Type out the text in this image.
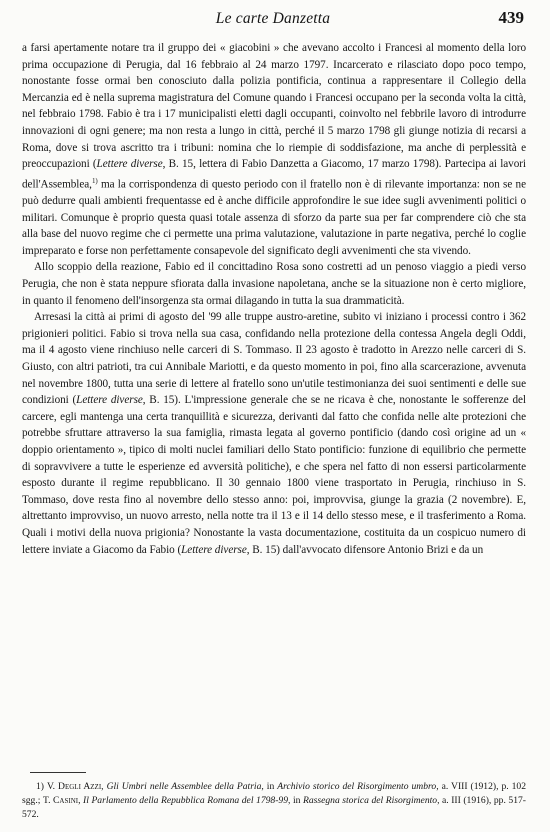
Le carte Danzetta	439

a farsi apertamente notare tra il gruppo dei « giacobini » che avevano accolto i Francesi al momento della loro prima occupazione di Perugia, dal 16 febbraio al 24 marzo 1797. Incarcerato e rilasciato dopo poco tempo, nonostante fosse ormai ben conosciuto dalla polizia pontificia, continua a rappresentare il Collegio della Mercanzia ed è nella suprema magistratura del Comune quando i Francesi occupano per la seconda volta la città, nel febbraio 1798. Fabio è tra i 17 municipalisti eletti dagli occupanti, coinvolto nel febbrile lavoro di introdurre innovazioni di ogni genere; ma non resta a lungo in città, perché il 5 marzo 1798 gli giunge notizia di recarsi a Roma, dove si trova ascritto tra i tribuni: nomina che lo riempie di soddisfazione, ma anche di perplessità e preoccupazioni (Lettere diverse, B. 15, lettera di Fabio Danzetta a Giacomo, 17 marzo 1798). Partecipa ai lavori dell'Assemblea,$^{1)}$ ma la corrispondenza di questo periodo con il fratello non è di rilevante importanza: non se ne può dedurre quali ambienti frequentasse ed è anche difficile approfondire le sue idee sugli avvenimenti politici o militari. Comunque è proprio questa quasi totale assenza di sforzo da parte sua per far comprendere ciò che sta alla base del nuovo regime che ci permette una prima valutazione, valutazione in parte negativa, perché lo coglie impreparato e forse non perfettamente consapevole del significato degli avvenimenti che sta vivendo.

Allo scoppio della reazione, Fabio ed il concittadino Rosa sono costretti ad un penoso viaggio a piedi verso Perugia, che non è stata neppure sfiorata dalla invasione napoletana, anche se la situazione non è certo migliore, in quanto il fenomeno dell'insorgenza sta ormai dilagando in tutta la sua drammaticità.

Arresasi la città ai primi di agosto del '99 alle truppe austro-aretine, subito vi iniziano i processi contro i 362 prigionieri politici. Fabio si trova nella sua casa, confidando nella protezione della contessa Angela degli Oddi, ma il 4 agosto viene rinchiuso nelle carceri di S. Tommaso. Il 23 agosto è tradotto in Arezzo nelle carceri di S. Giusto, con altri patrioti, tra cui Annibale Mariotti, e da questo momento in poi, fino alla scarcerazione, avvenuta nel novembre 1800, tutta una serie di lettere al fratello sono un'utile testimonianza dei suoi sentimenti e delle sue condizioni (Lettere diverse, B. 15). L'impressione generale che se ne ricava è che, nonostante le sofferenze del carcere, egli mantenga una certa tranquillità e sicurezza, derivanti dal fatto che confida nelle alte protezioni che potrebbe sfruttare attraverso la sua famiglia, rimasta legata al governo pontificio (dando così origine ad un « doppio orientamento », tipico di molti nuclei familiari dello Stato pontificio: funzione di equilibrio che permette di sopravvivere a tutte le esperienze ed avversità politiche), e che spera nel fatto di non essersi particolarmente esposto durante il regime repubblicano. Il 30 gennaio 1800 viene trasportato in Perugia, rinchiuso in S. Tommaso, dove resta fino al novembre dello stesso anno: poi, improvvisa, giunge la grazia (2 novembre). E, altrettanto improvviso, un nuovo arresto, nella notte tra il 13 e il 14 dello stesso mese, e il trasferimento a Roma. Quali i motivi della nuova prigionia? Nonostante la vasta documentazione, costituita da un cospicuo numero di lettere inviate a Giacomo da Fabio (Lettere diverse, B. 15) dall'avvocato difensore Antonio Brizi e da un

1) V. Degli Azzi, Gli Umbri nelle Assemblee della Patria, in Archivio storico del Risorgimento umbro, a. VIII (1912), p. 102 sgg.; T. Casini, Il Parlamento della Repubblica Romana del 1798-99, in Rassegna storica del Risorgimento, a. III (1916), pp. 517-572.
